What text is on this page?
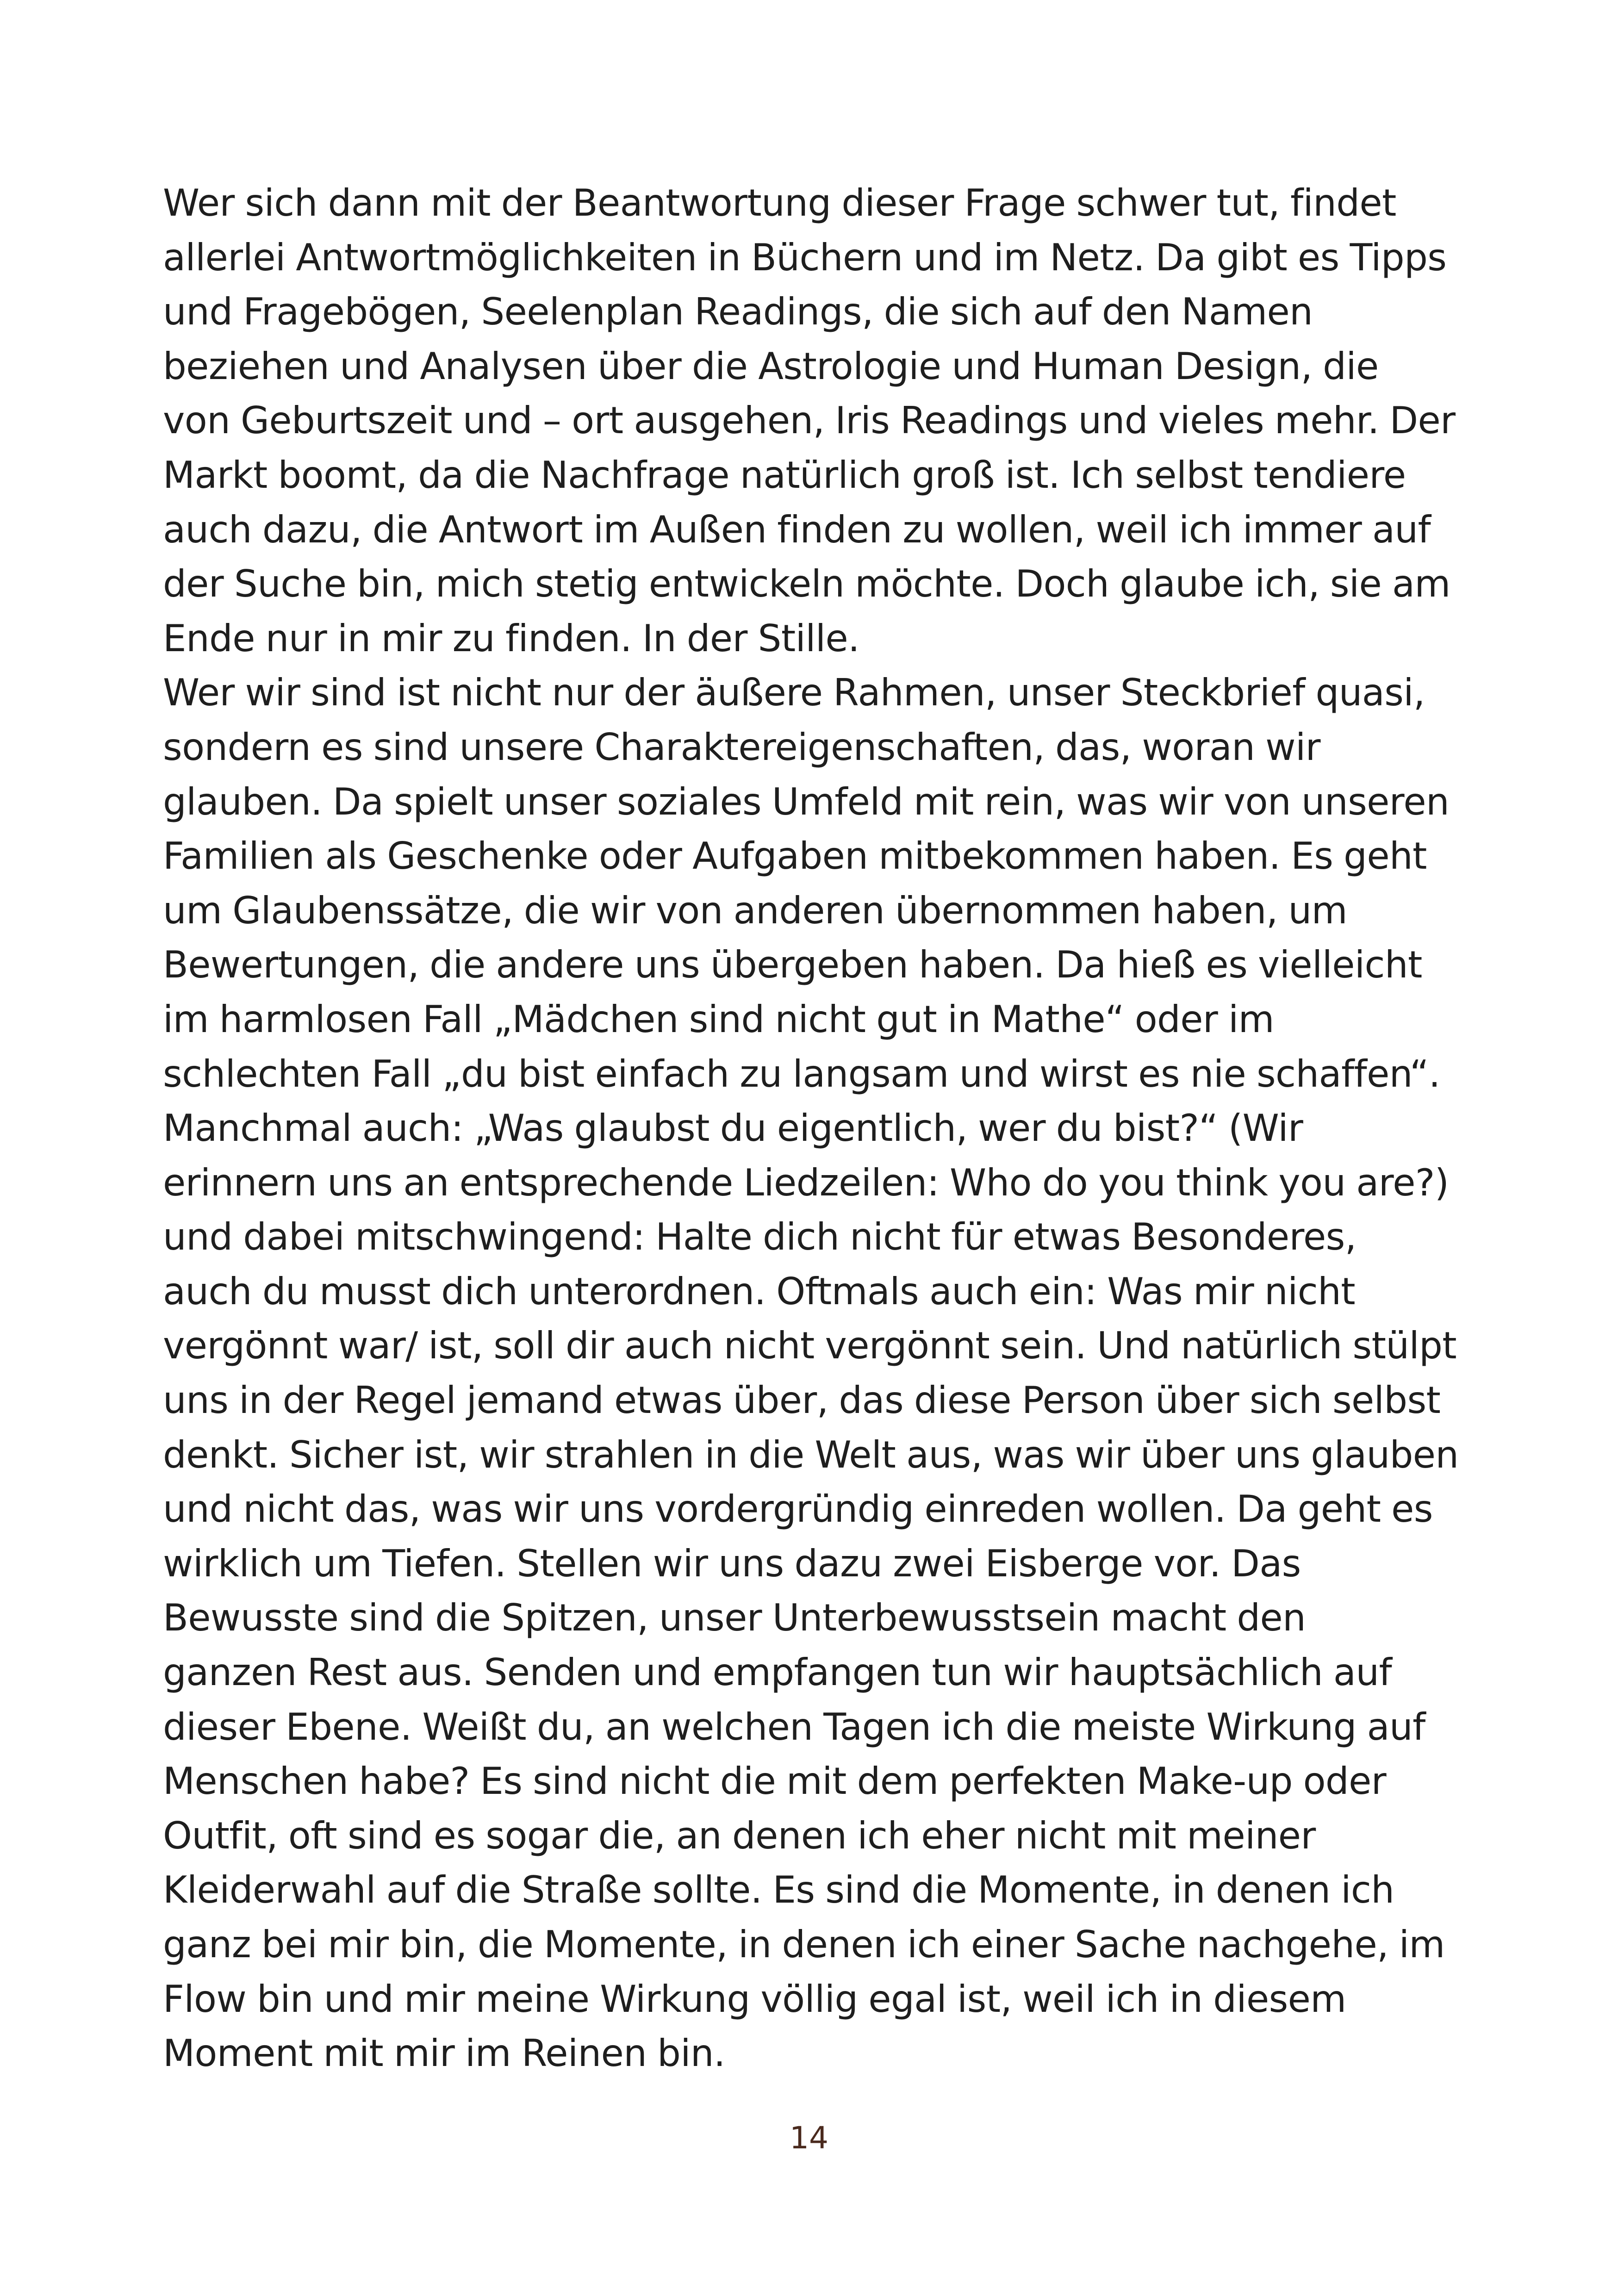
Wer sich dann mit der Beantwortung dieser Frage schwer tut, findet
allerlei Antwortmöglichkeiten in Büchern und im Netz. Da gibt es Tipps
und Fragebögen, Seelenplan Readings, die sich auf den Namen
beziehen und Analysen über die Astrologie und Human Design, die
von Geburtszeit und – ort ausgehen, Iris Readings und vieles mehr. Der
Markt boomt, da die Nachfrage natürlich groß ist. Ich selbst tendiere
auch dazu, die Antwort im Außen finden zu wollen, weil ich immer auf
der Suche bin, mich stetig entwickeln möchte. Doch glaube ich, sie am
Ende nur in mir zu finden. In der Stille.
Wer wir sind ist nicht nur der äußere Rahmen, unser Steckbrief quasi,
sondern es sind unsere Charaktereigenschaften, das, woran wir
glauben. Da spielt unser soziales Umfeld mit rein, was wir von unseren
Familien als Geschenke oder Aufgaben mitbekommen haben. Es geht
um Glaubenssätze, die wir von anderen übernommen haben, um
Bewertungen, die andere uns übergeben haben. Da hieß es vielleicht
im harmlosen Fall „Mädchen sind nicht gut in Mathe“ oder im
schlechten Fall „du bist einfach zu langsam und wirst es nie schaffen“.
Manchmal auch: „Was glaubst du eigentlich, wer du bist?“ (Wir
erinnern uns an entsprechende Liedzeilen: Who do you think you are?)
und dabei mitschwingend: Halte dich nicht für etwas Besonderes,
auch du musst dich unterordnen. Oftmals auch ein: Was mir nicht
vergönnt war/ ist, soll dir auch nicht vergönnt sein. Und natürlich stülpt
uns in der Regel jemand etwas über, das diese Person über sich selbst
denkt. Sicher ist, wir strahlen in die Welt aus, was wir über uns glauben
und nicht das, was wir uns vordergründig einreden wollen. Da geht es
wirklich um Tiefen. Stellen wir uns dazu zwei Eisberge vor. Das
Bewusste sind die Spitzen, unser Unterbewusstsein macht den
ganzen Rest aus. Senden und empfangen tun wir hauptsächlich auf
dieser Ebene. Weißt du, an welchen Tagen ich die meiste Wirkung auf
Menschen habe? Es sind nicht die mit dem perfekten Make-up oder
Outfit, oft sind es sogar die, an denen ich eher nicht mit meiner
Kleiderwahl auf die Straße sollte. Es sind die Momente, in denen ich
ganz bei mir bin, die Momente, in denen ich einer Sache nachgehe, im
Flow bin und mir meine Wirkung völlig egal ist, weil ich in diesem
Moment mit mir im Reinen bin.
14
